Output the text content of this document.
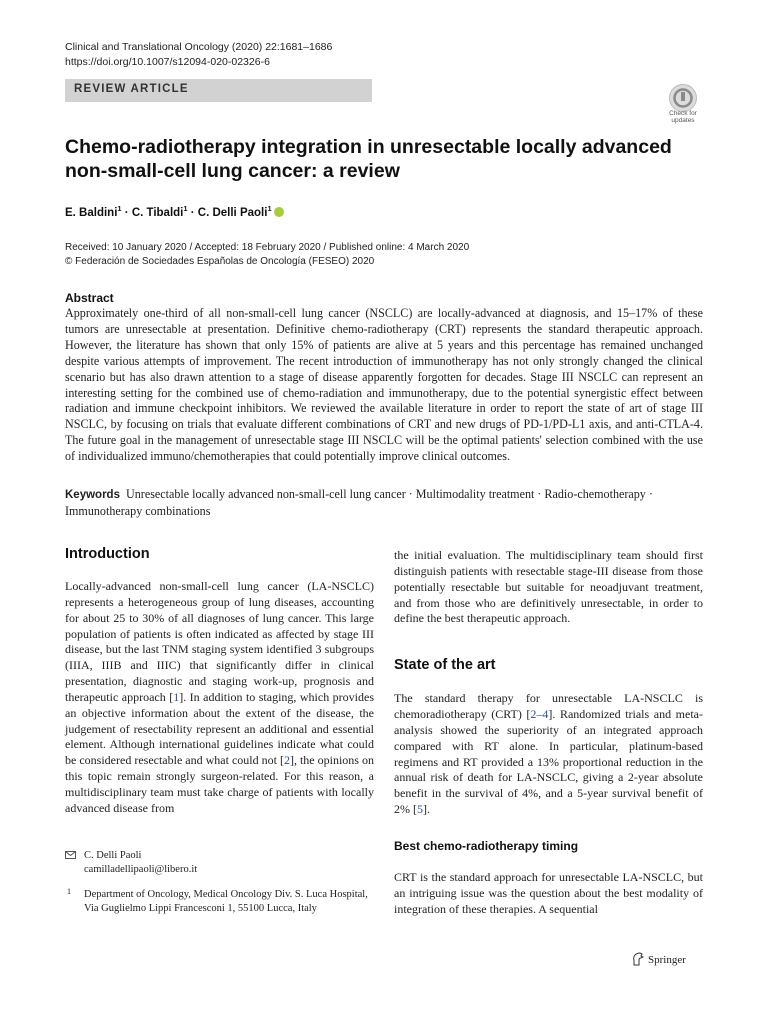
Clinical and Translational Oncology (2020) 22:1681–1686
https://doi.org/10.1007/s12094-020-02326-6
REVIEW ARTICLE
Check for
updates
Chemo-radiotherapy integration in unresectable locally advanced non-small-cell lung cancer: a review
E. Baldini$^1$ · C. Tibaldi$^1$ · C. Delli Paoli$^1$
Received: 10 January 2020 / Accepted: 18 February 2020 / Published online: 4 March 2020
© Federación de Sociedades Españolas de Oncología (FESEO) 2020
Abstract
Approximately one-third of all non-small-cell lung cancer (NSCLC) are locally-advanced at diagnosis, and 15–17% of these tumors are unresectable at presentation. Definitive chemo-radiotherapy (CRT) represents the standard therapeutic approach. However, the literature has shown that only 15% of patients are alive at 5 years and this percentage has remained unchanged despite various attempts of improvement. The recent introduction of immunotherapy has not only strongly changed the clinical scenario but has also drawn attention to a stage of disease apparently forgotten for decades. Stage III NSCLC can represent an interesting setting for the combined use of chemo-radiation and immunotherapy, due to the potential synergistic effect between radiation and immune checkpoint inhibitors. We reviewed the available literature in order to report the state of art of stage III NSCLC, by focusing on trials that evaluate different combinations of CRT and new drugs of PD-1/PD-L1 axis, and anti-CTLA-4. The future goal in the management of unresectable stage III NSCLC will be the optimal patients' selection combined with the use of individualized immuno/chemotherapies that could potentially improve clinical outcomes.
Keywords Unresectable locally advanced non-small-cell lung cancer · Multimodality treatment · Radio-chemotherapy · Immunotherapy combinations
Introduction
Locally-advanced non-small-cell lung cancer (LA-NSCLC) represents a heterogeneous group of lung diseases, accounting for about 25 to 30% of all diagnoses of lung cancer. This large population of patients is often indicated as affected by stage III disease, but the last TNM staging system identified 3 subgroups (IIIA, IIIB and IIIC) that significantly differ in clinical presentation, diagnostic and staging work-up, prognosis and therapeutic approach [1]. In addition to staging, which provides an objective information about the extent of the disease, the judgement of resectability represent an additional and essential element. Although international guidelines indicate what could be considered resectable and what could not [2], the opinions on this topic remain strongly surgeon-related. For this reason, a multidisciplinary team must take charge of patients with locally advanced disease from
C. Delli Paoli
camilladellipaoli@libero.it
1 Department of Oncology, Medical Oncology Div. S. Luca Hospital, Via Guglielmo Lippi Francesconi 1, 55100 Lucca, Italy
the initial evaluation. The multidisciplinary team should first distinguish patients with resectable stage-III disease from those potentially resectable but suitable for neoadjuvant treatment, and from those who are definitively unresectable, in order to define the best therapeutic approach.
State of the art
The standard therapy for unresectable LA-NSCLC is chemoradiotherapy (CRT) [2–4]. Randomized trials and meta-analysis showed the superiority of an integrated approach compared with RT alone. In particular, platinum-based regimens and RT provided a 13% proportional reduction in the annual risk of death for LA-NSCLC, giving a 2-year absolute benefit in the survival of 4%, and a 5-year survival benefit of 2% [5].
Best chemo-radiotherapy timing
CRT is the standard approach for unresectable LA-NSCLC, but an intriguing issue was the question about the best modality of integration of these therapies. A sequential
Springer
